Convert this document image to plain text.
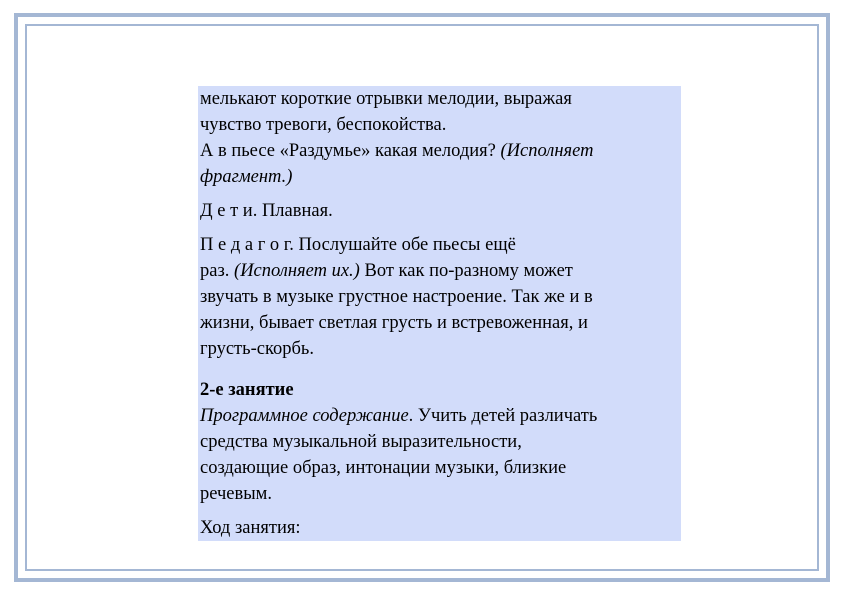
мелькают короткие отрывки мелодии, выражая
чувство тревоги, беспокойства.
А в пьесе «Раздумье» какая мелодия? (Исполняет
фрагмент.)
Д е т и. Плавная.
П е д а г о г. Послушайте обе пьесы ещё
раз. (Исполняет их.) Вот как по-разному может
звучать в музыке грустное настроение. Так же и в
жизни, бывает светлая грусть и встревоженная, и
грусть-скорбь.
2-е занятие
Программное содержание. Учить детей различать
средства музыкальной выразительности,
создающие образ, интонации музыки, близкие
речевым.
Ход занятия:
